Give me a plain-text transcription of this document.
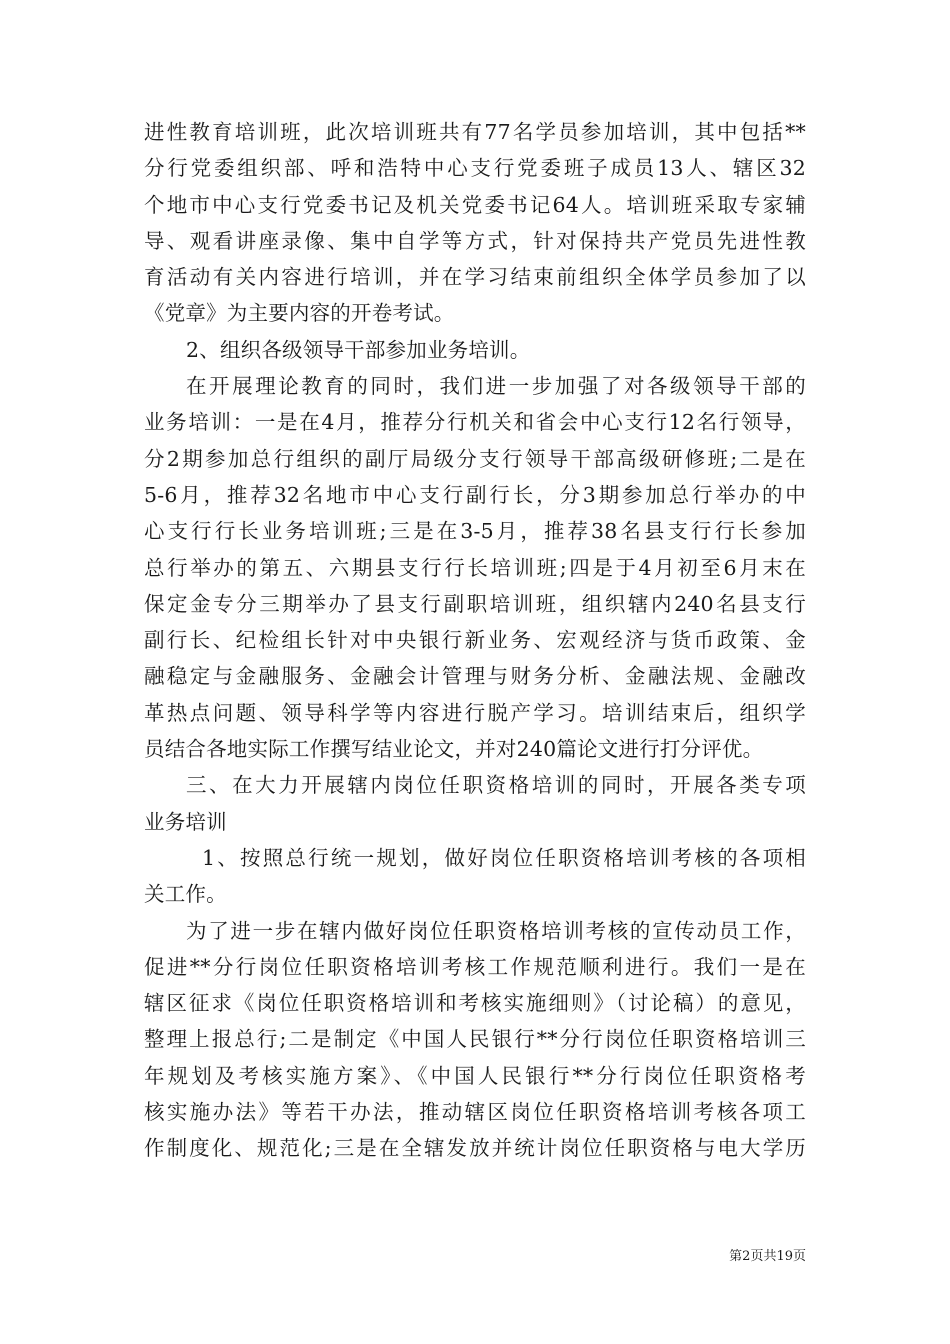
进性教育培训班，此次培训班共有77名学员参加培训，其中包括**
分行党委组织部、呼和浩特中心支行党委班子成员13人、辖区32
个地市中心支行党委书记及机关党委书记64人。培训班采取专家辅
导、观看讲座录像、集中自学等方式，针对保持共产党员先进性教
育活动有关内容进行培训，并在学习结束前组织全体学员参加了以
《党章》为主要内容的开卷考试。
2、组织各级领导干部参加业务培训。
在开展理论教育的同时，我们进一步加强了对各级领导干部的
业务培训：一是在4月，推荐分行机关和省会中心支行12名行领导，
分2期参加总行组织的副厅局级分支行领导干部高级研修班;二是在
5-6月，推荐32名地市中心支行副行长，分3期参加总行举办的中
心支行行长业务培训班;三是在3-5月，推荐38名县支行行长参加
总行举办的第五、六期县支行行长培训班;四是于4月初至6月末在
保定金专分三期举办了县支行副职培训班，组织辖内240名县支行
副行长、纪检组长针对中央银行新业务、宏观经济与货币政策、金
融稳定与金融服务、金融会计管理与财务分析、金融法规、金融改
革热点问题、领导科学等内容进行脱产学习。培训结束后，组织学
员结合各地实际工作撰写结业论文，并对240篇论文进行打分评优。
三、在大力开展辖内岗位任职资格培训的同时，开展各类专项
业务培训
1、按照总行统一规划，做好岗位任职资格培训考核的各项相
关工作。
为了进一步在辖内做好岗位任职资格培训考核的宣传动员工作，
促进**分行岗位任职资格培训考核工作规范顺利进行。我们一是在
辖区征求《岗位任职资格培训和考核实施细则》（讨论稿）的意见，
整理上报总行;二是制定《中国人民银行**分行岗位任职资格培训三
年规划及考核实施方案》、《中国人民银行**分行岗位任职资格考
核实施办法》等若干办法，推动辖区岗位任职资格培训考核各项工
作制度化、规范化;三是在全辖发放并统计岗位任职资格与电大学历
第2页共19页
